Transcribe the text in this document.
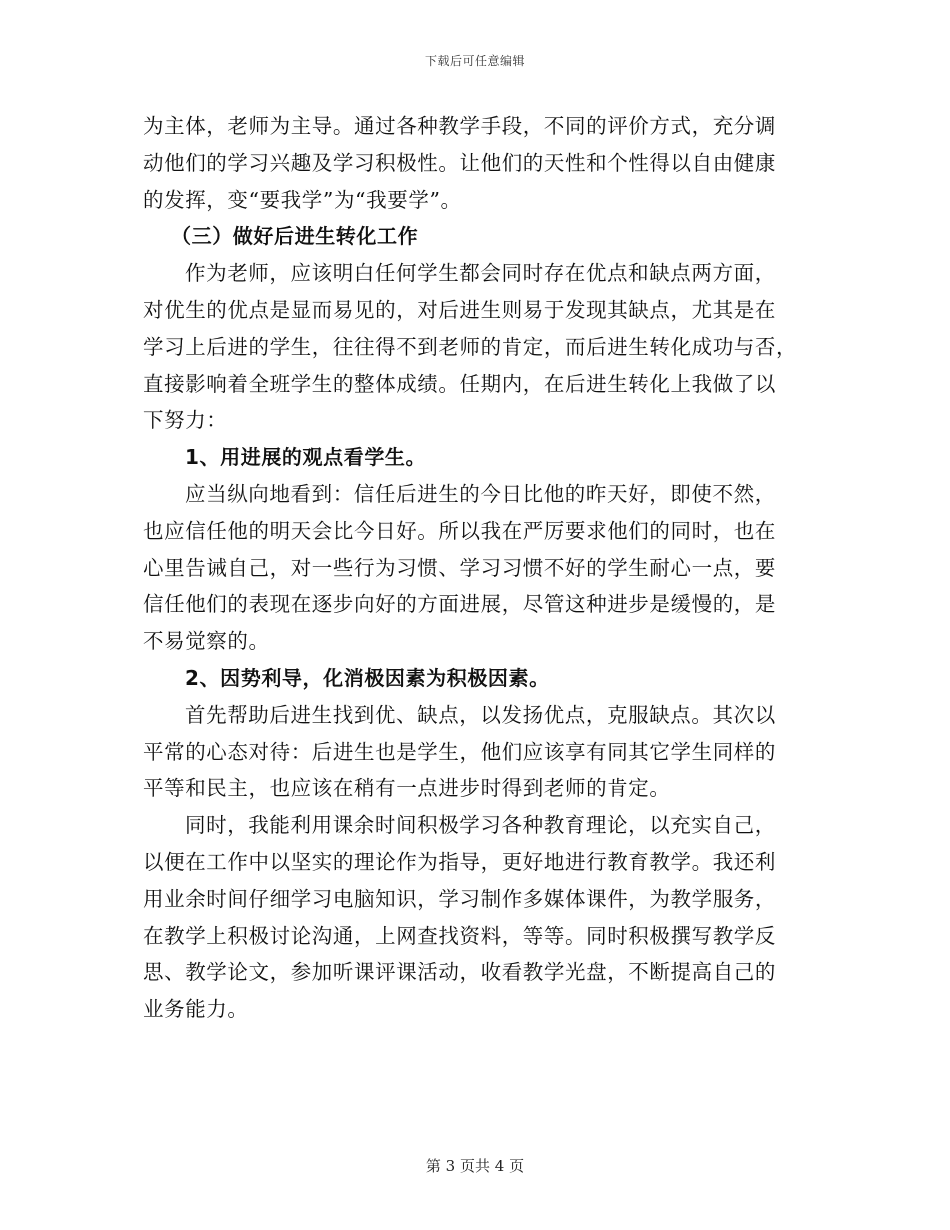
下载后可任意编辑
为主体，老师为主导。通过各种教学手段，不同的评价方式，充分调
动他们的学习兴趣及学习积极性。让他们的天性和个性得以自由健康
的发挥，变“要我学”为“我要学”。
（三）做好后进生转化工作
作为老师，应该明白任何学生都会同时存在优点和缺点两方面，
对优生的优点是显而易见的，对后进生则易于发现其缺点，尤其是在
学习上后进的学生，往往得不到老师的肯定，而后进生转化成功与否，
直接影响着全班学生的整体成绩。任期内，在后进生转化上我做了以
下努力：
1、用进展的观点看学生。
应当纵向地看到：信任后进生的今日比他的昨天好，即使不然，
也应信任他的明天会比今日好。所以我在严厉要求他们的同时，也在
心里告诫自己，对一些行为习惯、学习习惯不好的学生耐心一点，要
信任他们的表现在逐步向好的方面进展，尽管这种进步是缓慢的，是
不易觉察的。
2、因势利导，化消极因素为积极因素。
首先帮助后进生找到优、缺点，以发扬优点，克服缺点。其次以
平常的心态对待：后进生也是学生，他们应该享有同其它学生同样的
平等和民主，也应该在稍有一点进步时得到老师的肯定。
同时，我能利用课余时间积极学习各种教育理论，以充实自己，
以便在工作中以坚实的理论作为指导，更好地进行教育教学。我还利
用业余时间仔细学习电脑知识，学习制作多媒体课件，为教学服务，
在教学上积极讨论沟通，上网查找资料，等等。同时积极撰写教学反
思、教学论文，参加听课评课活动，收看教学光盘，不断提高自己的
业务能力。
第 3 页共 4 页
